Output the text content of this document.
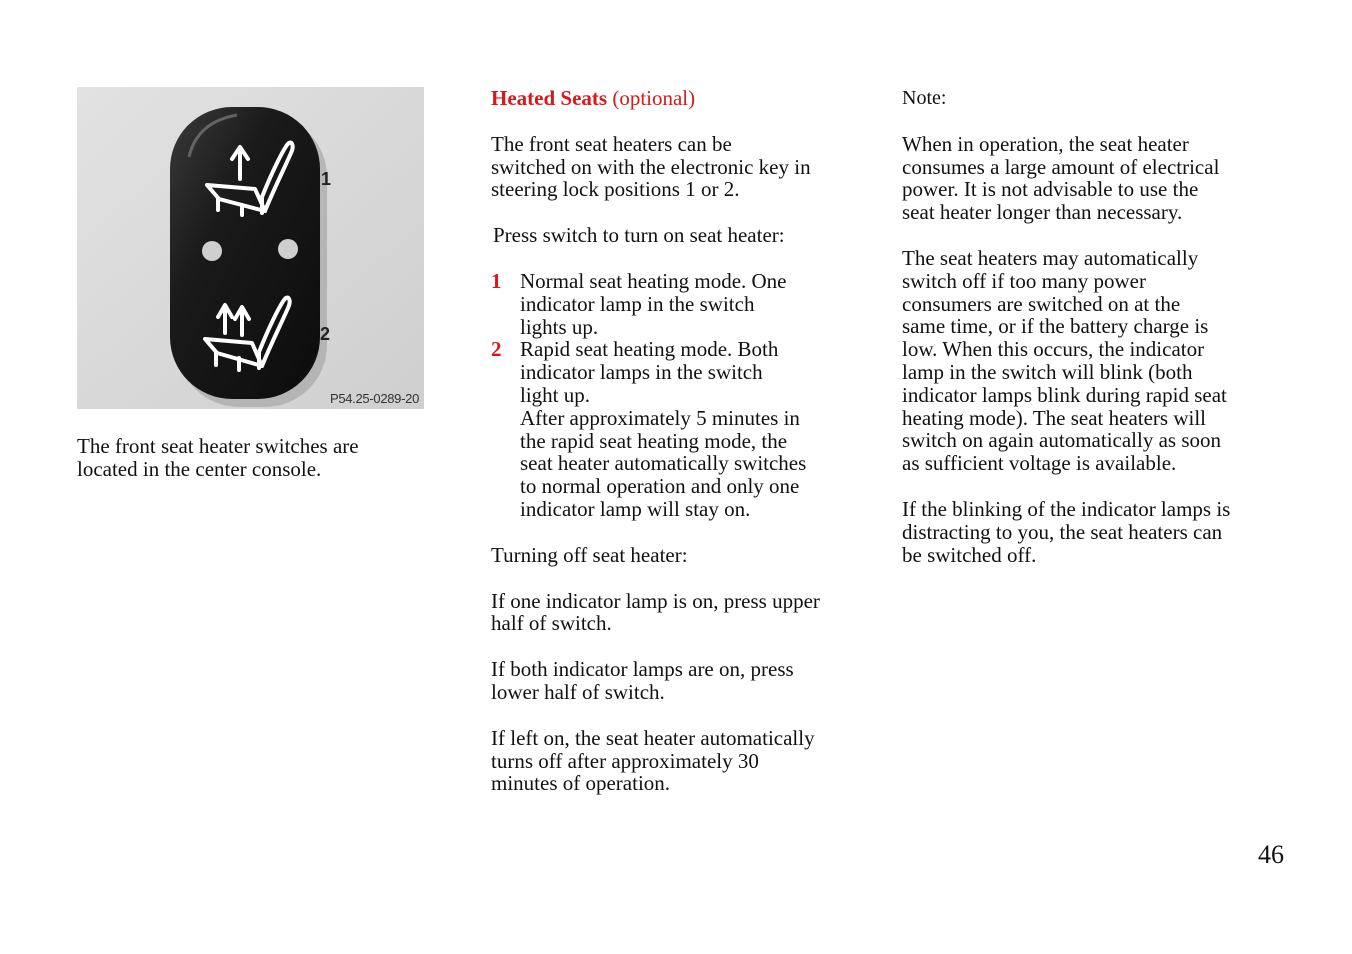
1
2
P54.25-0289-20

The front seat heater switches are

located in the center console.

Heated Seats (optional)

The front seat heaters can be

switched on with the electronic key in

steering lock positions 1 or 2.

Press switch to turn on seat heater:

1 Normal seat heating mode. One

indicator lamp in the switch

lights up.

2 Rapid seat heating mode. Both

indicator lamps in the switch

light up.

After approximately 5 minutes in

the rapid seat heating mode, the

seat heater automatically switches

to normal operation and only one

indicator lamp will stay on.

Turning off seat heater:

If one indicator lamp is on, press upper

half of switch.

If both indicator lamps are on, press

lower half of switch.

If left on, the seat heater automatically

turns off after approximately 30

minutes of operation.

Note:

When in operation, the seat heater

consumes a large amount of electrical

power. It is not advisable to use the

seat heater longer than necessary.

The seat heaters may automatically

switch off if too many power

consumers are switched on at the

same time, or if the battery charge is

low. When this occurs, the indicator

lamp in the switch will blink (both

indicator lamps blink during rapid seat

heating mode). The seat heaters will

switch on again automatically as soon

as sufficient voltage is available.

If the blinking of the indicator lamps is

distracting to you, the seat heaters can

be switched off.

46
